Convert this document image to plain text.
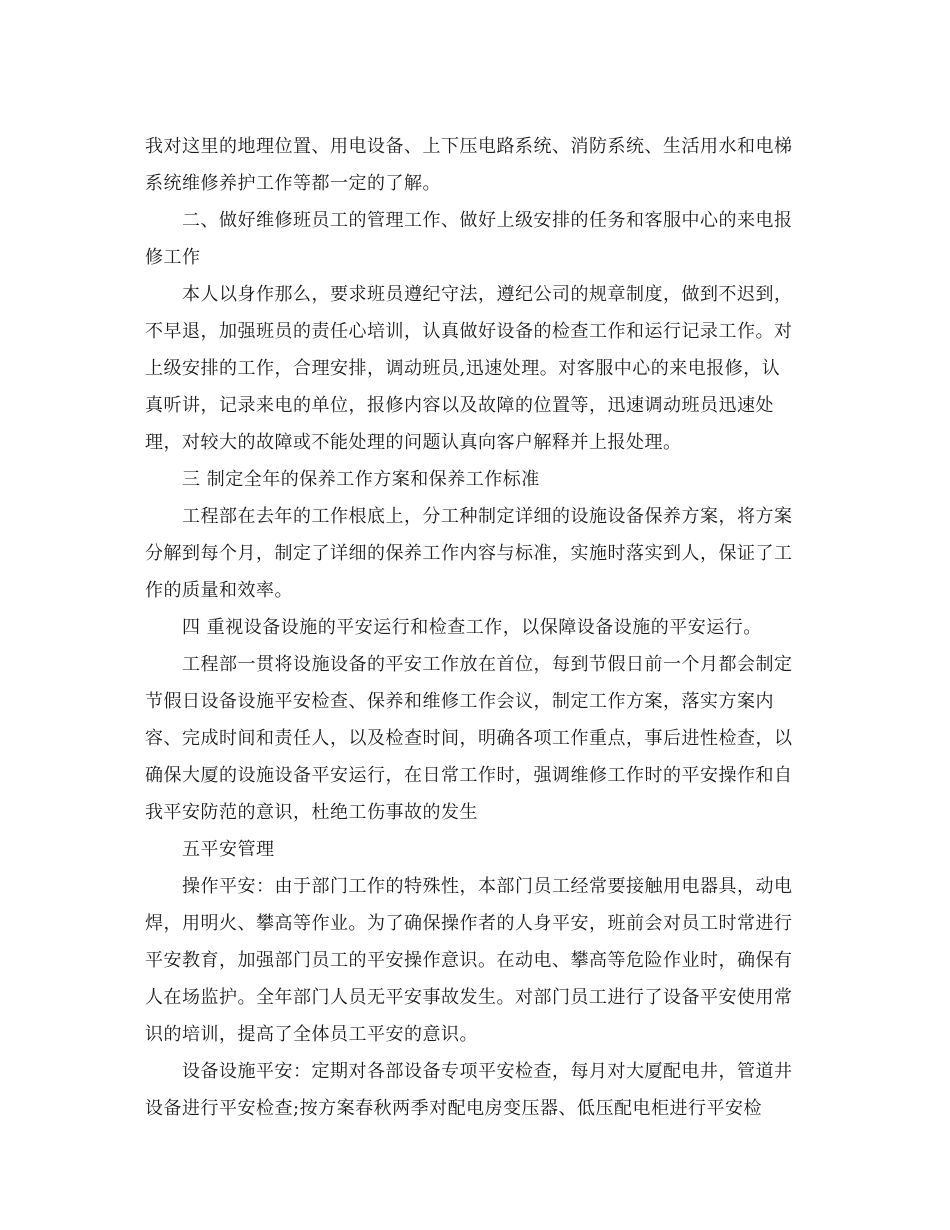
我对这里的地理位置、用电设备、上下压电路系统、消防系统、生活用水和电梯
系统维修养护工作等都一定的了解。
二、做好维修班员工的管理工作、做好上级安排的任务和客服中心的来电报
修工作
本人以身作那么，要求班员遵纪守法，遵纪公司的规章制度，做到不迟到，
不早退，加强班员的责任心培训，认真做好设备的检查工作和运行记录工作。对
上级安排的工作，合理安排，调动班员,迅速处理。对客服中心的来电报修，认
真听讲，记录来电的单位，报修内容以及故障的位置等，迅速调动班员迅速处
理，对较大的故障或不能处理的问题认真向客户解释并上报处理。
三 制定全年的保养工作方案和保养工作标准
工程部在去年的工作根底上，分工种制定详细的设施设备保养方案，将方案
分解到每个月，制定了详细的保养工作内容与标准，实施时落实到人，保证了工
作的质量和效率。
四 重视设备设施的平安运行和检查工作，以保障设备设施的平安运行。
工程部一贯将设施设备的平安工作放在首位，每到节假日前一个月都会制定
节假日设备设施平安检查、保养和维修工作会议，制定工作方案，落实方案内
容、完成时间和责任人，以及检查时间，明确各项工作重点，事后进性检查，以
确保大厦的设施设备平安运行，在日常工作时，强调维修工作时的平安操作和自
我平安防范的意识，杜绝工伤事故的发生
五平安管理
操作平安：由于部门工作的特殊性，本部门员工经常要接触用电器具，动电
焊，用明火、攀高等作业。为了确保操作者的人身平安，班前会对员工时常进行
平安教育，加强部门员工的平安操作意识。在动电、攀高等危险作业时，确保有
人在场监护。全年部门人员无平安事故发生。对部门员工进行了设备平安使用常
识的培训，提高了全体员工平安的意识。
设备设施平安：定期对各部设备专项平安检查，每月对大厦配电井，管道井
设备进行平安检查;按方案春秋两季对配电房变压器、低压配电柜进行平安检
